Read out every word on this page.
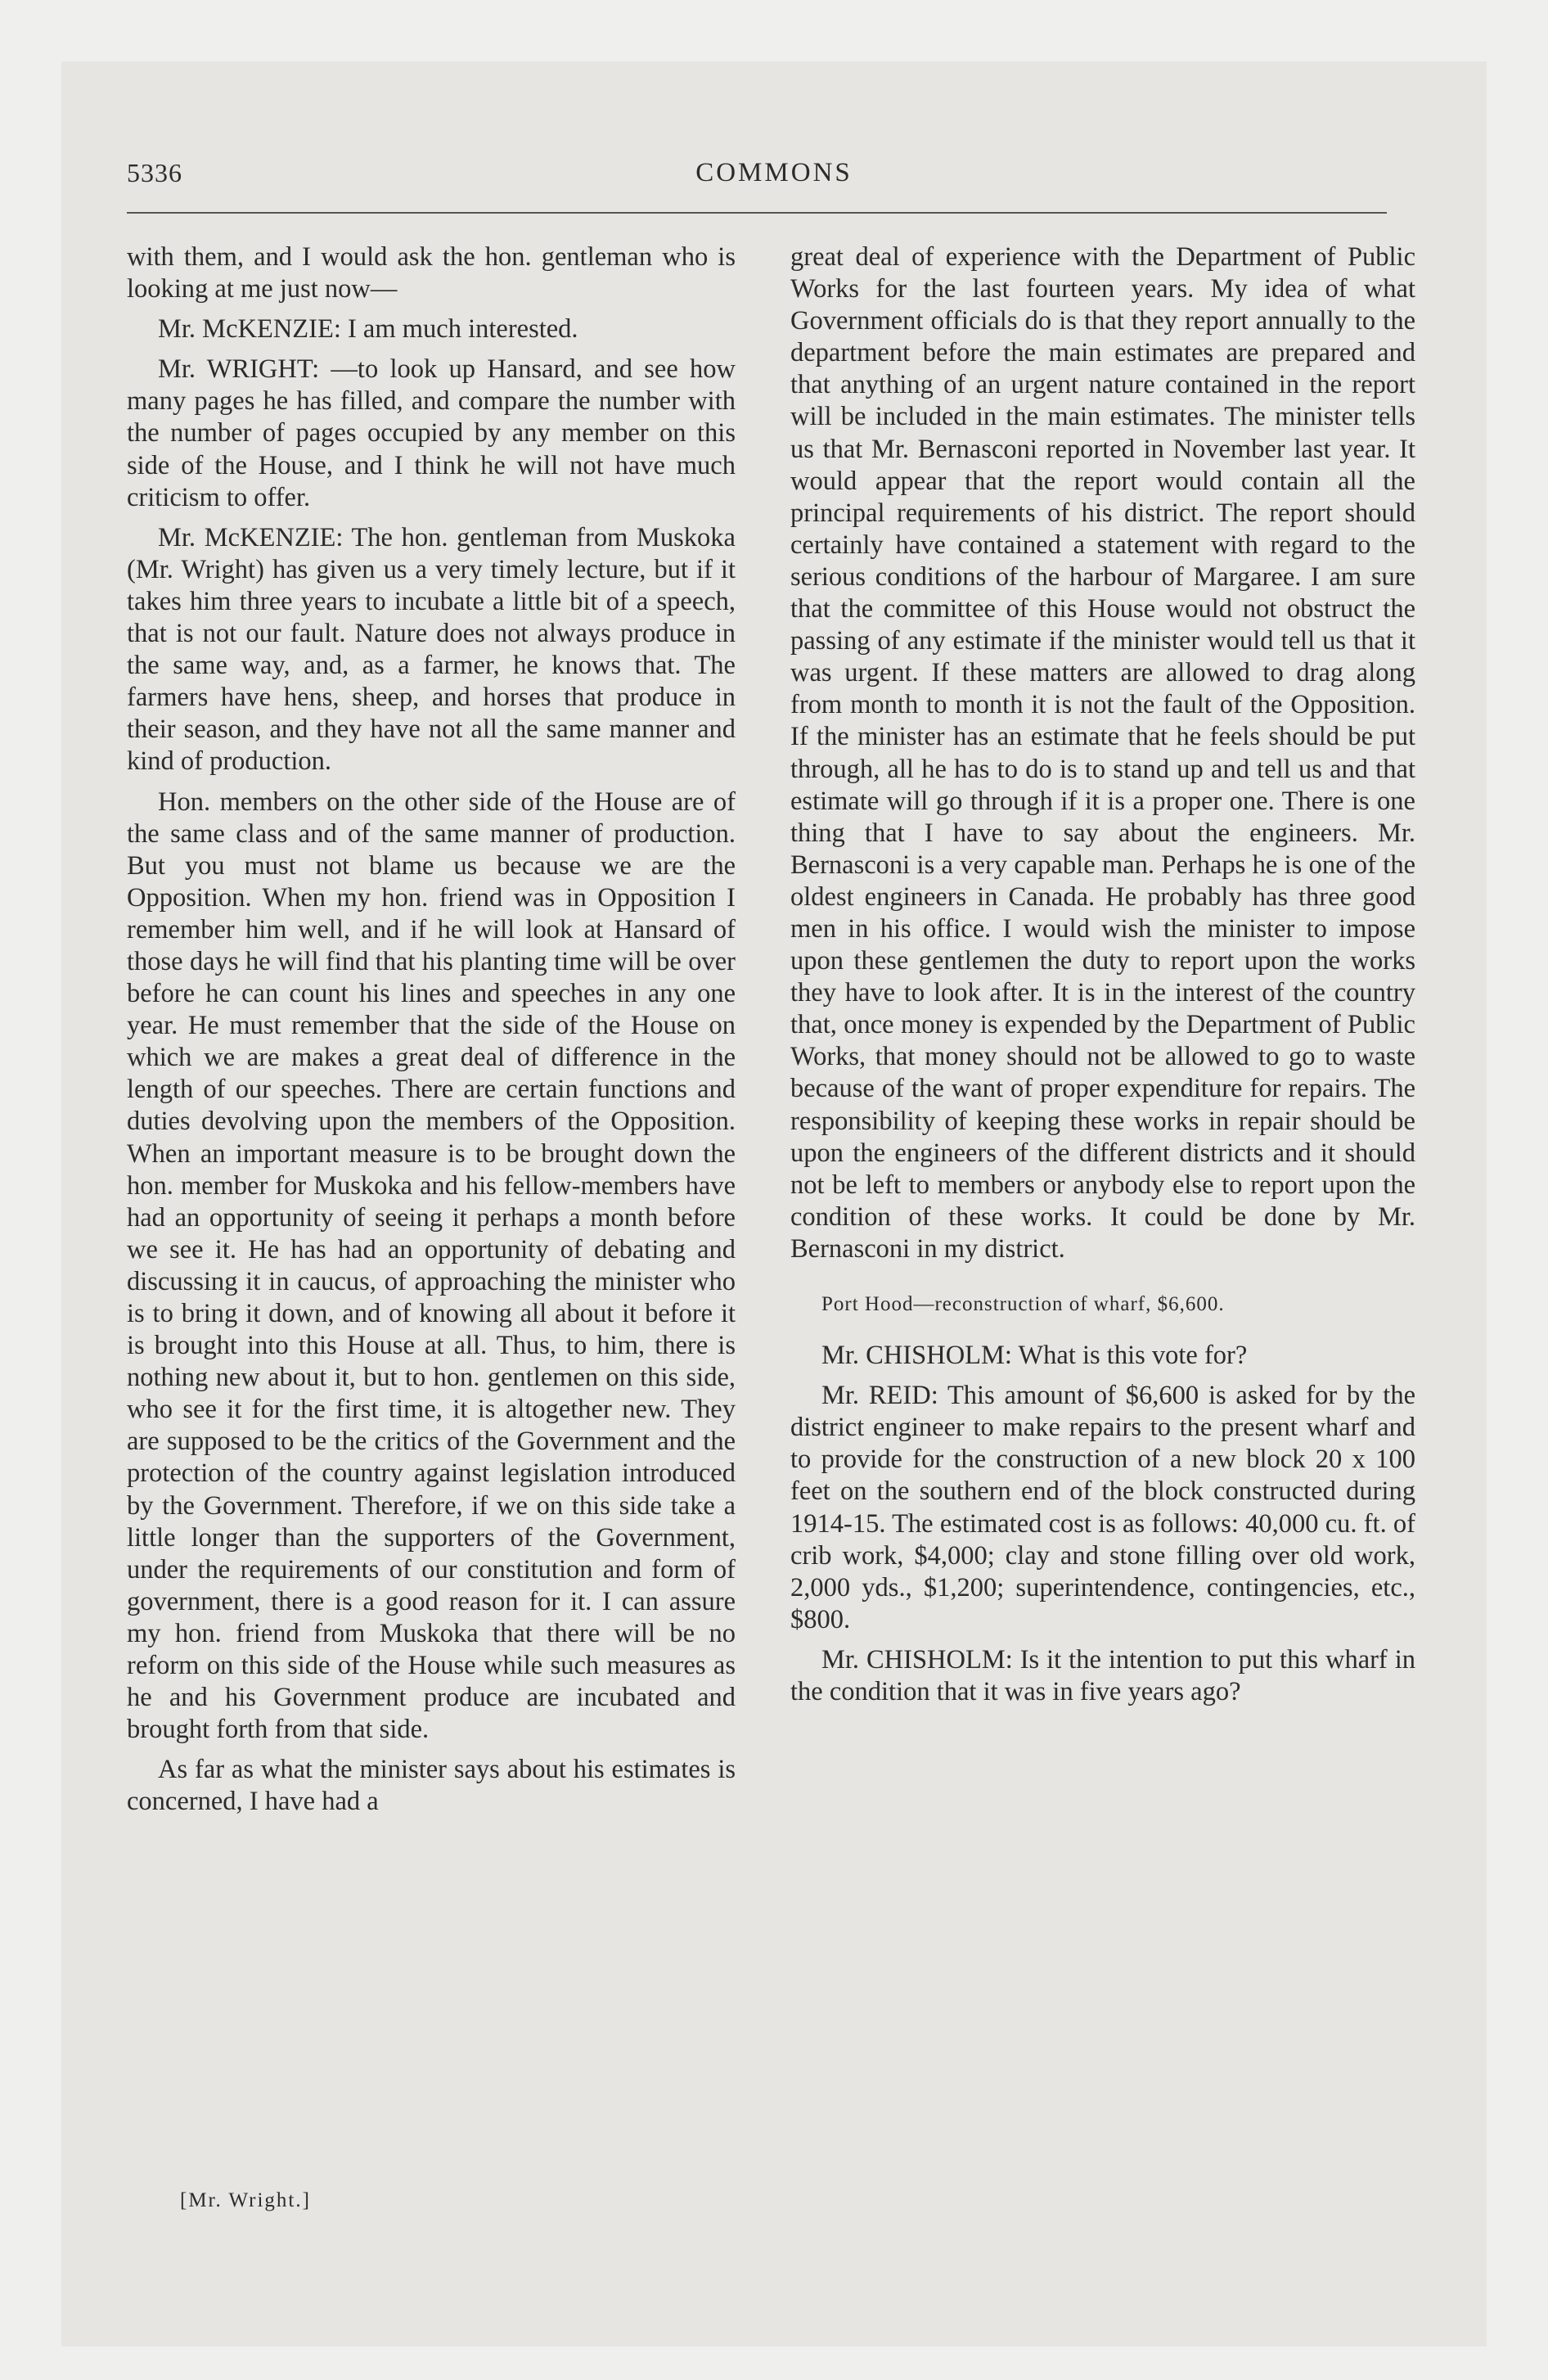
5336	COMMONS

with them, and I would ask the hon. gentleman who is looking at me just now—

Mr. McKENZIE: I am much interested.

Mr. WRIGHT: —to look up Hansard, and see how many pages he has filled, and compare the number with the number of pages occupied by any member on this side of the House, and I think he will not have much criticism to offer.

Mr. McKENZIE: The hon. gentleman from Muskoka (Mr. Wright) has given us a very timely lecture, but if it takes him three years to incubate a little bit of a speech, that is not our fault. Nature does not always produce in the same way, and, as a farmer, he knows that. The farmers have hens, sheep, and horses that produce in their season, and they have not all the same manner and kind of production.

Hon. members on the other side of the House are of the same class and of the same manner of production. But you must not blame us because we are the Opposition. When my hon. friend was in Opposition I remember him well, and if he will look at Hansard of those days he will find that his planting time will be over before he can count his lines and speeches in any one year. He must remember that the side of the House on which we are makes a great deal of difference in the length of our speeches. There are certain functions and duties devolving upon the members of the Opposition. When an important measure is to be brought down the hon. member for Muskoka and his fellow-members have had an opportunity of seeing it perhaps a month before we see it. He has had an opportunity of debating and discussing it in caucus, of approaching the minister who is to bring it down, and of knowing all about it before it is brought into this House at all. Thus, to him, there is nothing new about it, but to hon. gentlemen on this side, who see it for the first time, it is altogether new. They are supposed to be the critics of the Government and the protection of the country against legislation introduced by the Government. Therefore, if we on this side take a little longer than the supporters of the Government, under the requirements of our constitution and form of government, there is a good reason for it. I can assure my hon. friend from Muskoka that there will be no reform on this side of the House while such measures as he and his Government produce are incubated and brought forth from that side.

As far as what the minister says about his estimates is concerned, I have had a

great deal of experience with the Department of Public Works for the last fourteen years. My idea of what Government officials do is that they report annually to the department before the main estimates are prepared and that anything of an urgent nature contained in the report will be included in the main estimates. The minister tells us that Mr. Bernasconi reported in November last year. It would appear that the report would contain all the principal requirements of his district. The report should certainly have contained a statement with regard to the serious conditions of the harbour of Margaree. I am sure that the committee of this House would not obstruct the passing of any estimate if the minister would tell us that it was urgent. If these matters are allowed to drag along from month to month it is not the fault of the Opposition. If the minister has an estimate that he feels should be put through, all he has to do is to stand up and tell us and that estimate will go through if it is a proper one. There is one thing that I have to say about the engineers. Mr. Bernasconi is a very capable man. Perhaps he is one of the oldest engineers in Canada. He probably has three good men in his office. I would wish the minister to impose upon these gentlemen the duty to report upon the works they have to look after. It is in the interest of the country that, once money is expended by the Department of Public Works, that money should not be allowed to go to waste because of the want of proper expenditure for repairs. The responsibility of keeping these works in repair should be upon the engineers of the different districts and it should not be left to members or anybody else to report upon the condition of these works. It could be done by Mr. Bernasconi in my district.

Port Hood—reconstruction of wharf, $6,600.

Mr. CHISHOLM: What is this vote for?

Mr. REID: This amount of $6,600 is asked for by the district engineer to make repairs to the present wharf and to provide for the construction of a new block 20 x 100 feet on the southern end of the block constructed during 1914-15. The estimated cost is as follows: 40,000 cu. ft. of crib work, $4,000; clay and stone filling over old work, 2,000 yds., $1,200; superintendence, contingencies, etc., $800.

Mr. CHISHOLM: Is it the intention to put this wharf in the condition that it was in five years ago?

[Mr. Wright.]
